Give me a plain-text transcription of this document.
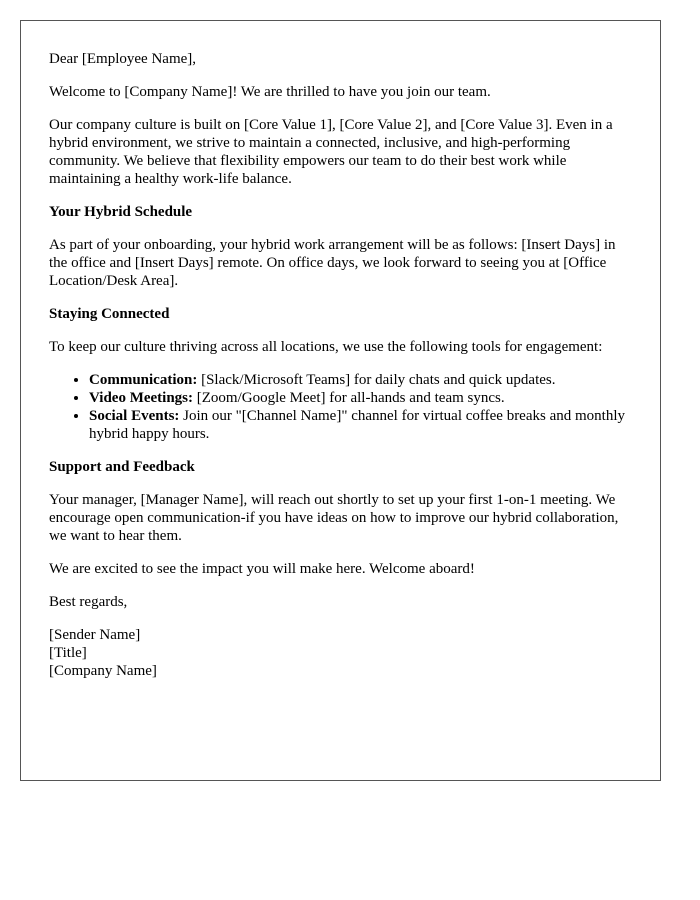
Dear [Employee Name],

Welcome to [Company Name]! We are thrilled to have you join our team.

Our company culture is built on [Core Value 1], [Core Value 2], and [Core Value 3]. Even in a hybrid environment, we strive to maintain a connected, inclusive, and high-performing community. We believe that flexibility empowers our team to do their best work while maintaining a healthy work-life balance.

Your Hybrid Schedule

As part of your onboarding, your hybrid work arrangement will be as follows: [Insert Days] in the office and [Insert Days] remote. On office days, we look forward to seeing you at [Office Location/Desk Area].

Staying Connected

To keep our culture thriving across all locations, we use the following tools for engagement:

• Communication: [Slack/Microsoft Teams] for daily chats and quick updates.
• Video Meetings: [Zoom/Google Meet] for all-hands and team syncs.
• Social Events: Join our "[Channel Name]" channel for virtual coffee breaks and monthly hybrid happy hours.
Support and Feedback

Your manager, [Manager Name], will reach out shortly to set up your first 1-on-1 meeting. We encourage open communication-if you have ideas on how to improve our hybrid collaboration, we want to hear them.

We are excited to see the impact you will make here. Welcome aboard!

Best regards,

[Sender Name]
[Title]
[Company Name]
